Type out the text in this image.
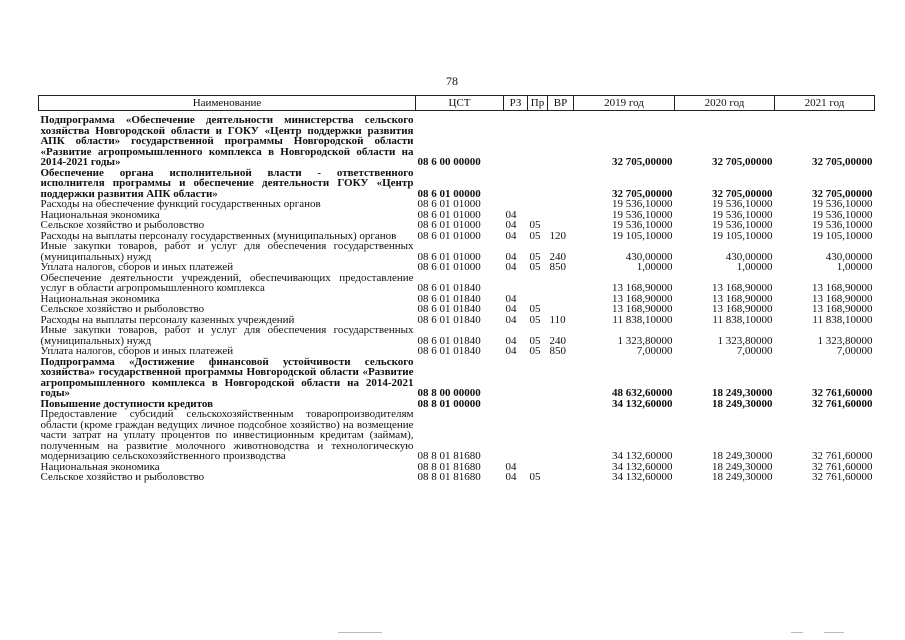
78
Наименование	ЦСТ	РЗ	Пр	ВР	2019 год	2020 год	2021 год
Подпрограмма «Обеспечение деятельности министерства сельского хозяйства Новгородской области и ГОКУ «Центр поддержки развития АПК области» государственной программы Новгородской области «Развитие агропромышленного комплекса в Новгородской области на 2014-2021 годы»	08 6 00 00000				32 705,00000	32 705,00000	32 705,00000
Обеспечение органа исполнительной власти - ответственного исполнителя программы и обеспечение деятельности ГОКУ «Центр поддержки развития АПК области»	08 6 01 00000				32 705,00000	32 705,00000	32 705,00000
Расходы на обеспечение функций государственных органов	08 6 01 01000				19 536,10000	19 536,10000	19 536,10000
Национальная экономика	08 6 01 01000	04			19 536,10000	19 536,10000	19 536,10000
Сельское хозяйство и рыболовство	08 6 01 01000	04	05		19 536,10000	19 536,10000	19 536,10000
Расходы на выплаты персоналу государственных (муниципальных) органов	08 6 01 01000	04	05	120	19 105,10000	19 105,10000	19 105,10000
Иные закупки товаров, работ и услуг для обеспечения государственных (муниципальных) нужд	08 6 01 01000	04	05	240	430,00000	430,00000	430,00000
Уплата налогов, сборов и иных платежей	08 6 01 01000	04	05	850	1,00000	1,00000	1,00000
Обеспечение деятельности учреждений, обеспечивающих предоставление услуг в области агропромышленного комплекса	08 6 01 01840				13 168,90000	13 168,90000	13 168,90000
Национальная экономика	08 6 01 01840	04			13 168,90000	13 168,90000	13 168,90000
Сельское хозяйство и рыболовство	08 6 01 01840	04	05		13 168,90000	13 168,90000	13 168,90000
Расходы на выплаты персоналу казенных учреждений	08 6 01 01840	04	05	110	11 838,10000	11 838,10000	11 838,10000
Иные закупки товаров, работ и услуг для обеспечения государственных (муниципальных) нужд	08 6 01 01840	04	05	240	1 323,80000	1 323,80000	1 323,80000
Уплата налогов, сборов и иных платежей	08 6 01 01840	04	05	850	7,00000	7,00000	7,00000
Подпрограмма «Достижение финансовой устойчивости сельского хозяйства» государственной программы Новгородской области «Развитие агропромышленного комплекса в Новгородской области на 2014-2021 годы»	08 8 00 00000				48 632,60000	18 249,30000	32 761,60000
Повышение доступности кредитов	08 8 01 00000				34 132,60000	18 249,30000	32 761,60000
Предоставление субсидий сельскохозяйственным товаропроизводителям области (кроме граждан ведущих личное подсобное хозяйство) на возмещение части затрат на уплату процентов по инвестиционным кредитам (займам), полученным на развитие молочного животноводства и технологическую модернизацию сельскохозяйственного производства	08 8 01 81680				34 132,60000	18 249,30000	32 761,60000
Национальная экономика	08 8 01 81680	04			34 132,60000	18 249,30000	32 761,60000
Сельское хозяйство и рыболовство	08 8 01 81680	04	05		34 132,60000	18 249,30000	32 761,60000
